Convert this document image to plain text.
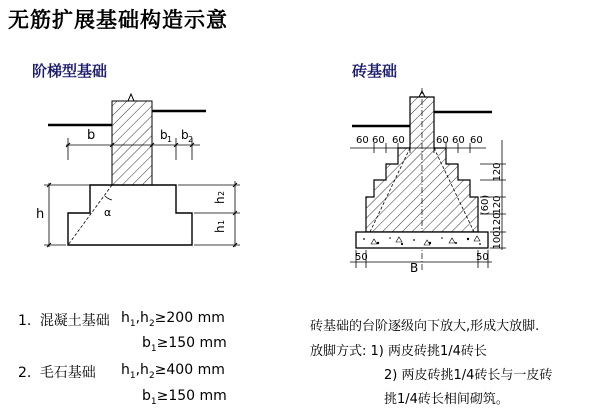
无筋扩展基础构造示意
阶梯型基础	砖基础
b	b 1 b 2
h
h
2
h
1
α
60 60 60	60 60 60
50
B
50
(60)
100
120
120
120
1. 混凝土基础 $h_1,h_2\ge 200$ mm
$b_1\ge 150$ mm
2. 毛石基础 $h_1,h_2\ge 400$ mm
$b_1\ge 150$ mm
砖基础的台阶逐级向下放大,形成大放脚.
放脚方式: 1) 两皮砖挑1/4砖长
2) 两皮砖挑1/4砖长与一皮砖
挑1/4砖长相间砌筑。
